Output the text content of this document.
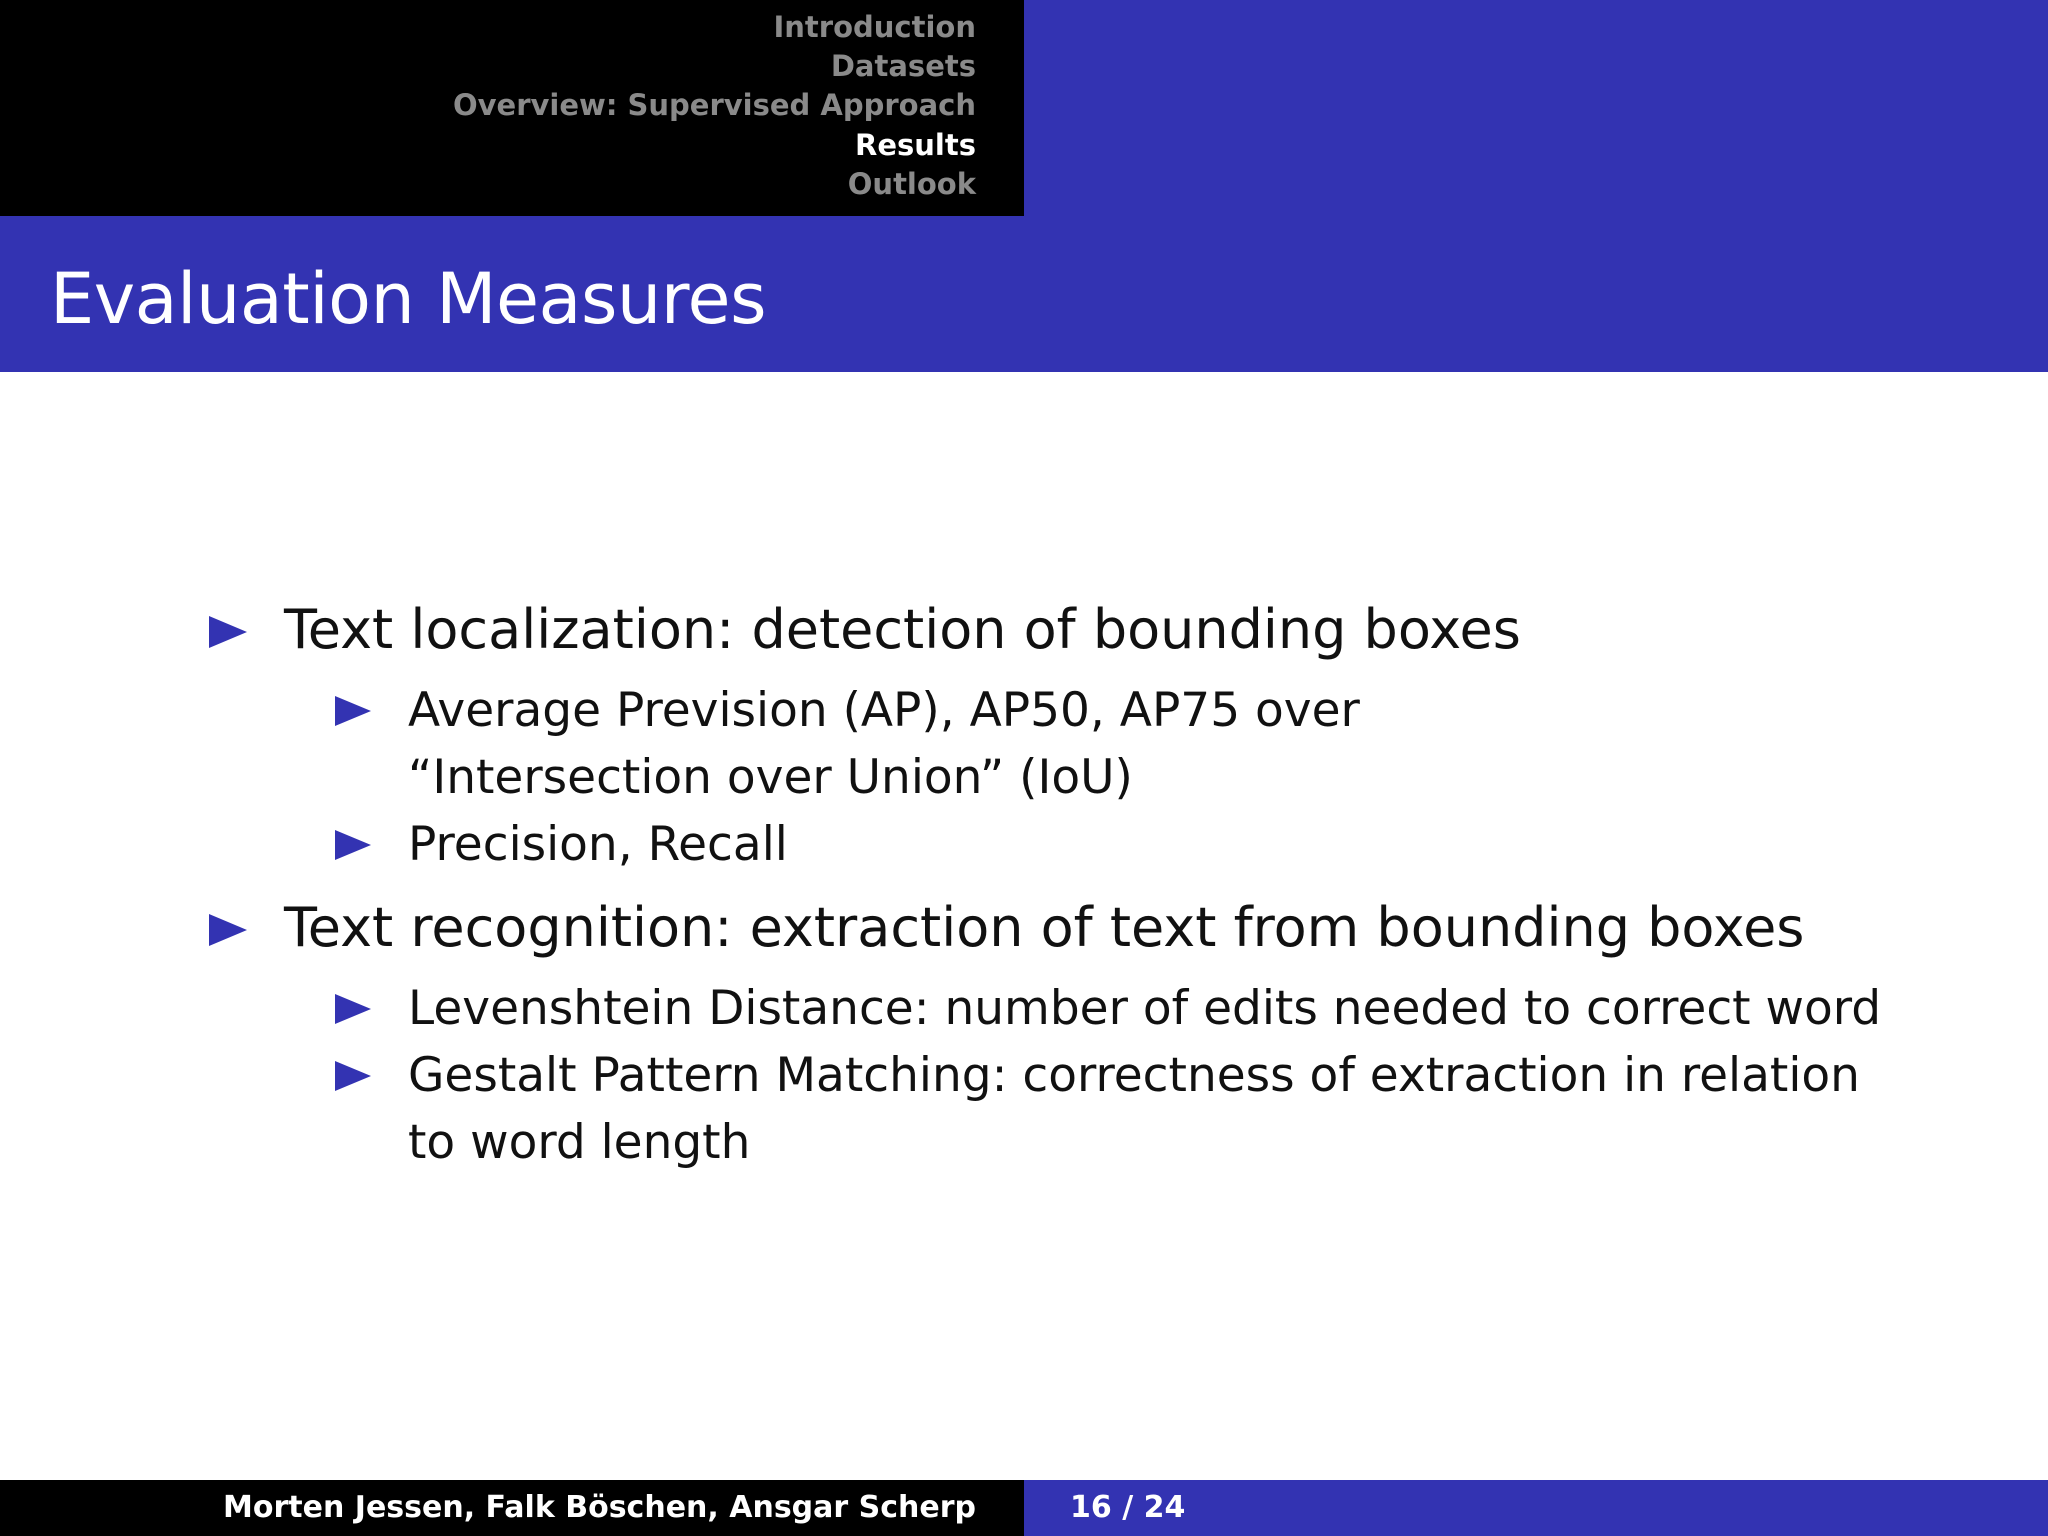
Introduction
Datasets
Overview: Supervised Approach
Results
Outlook
Evaluation Measures
Text localization: detection of bounding boxes
Average Prevision (AP), AP50, AP75 over
“Intersection over Union” (IoU)
Precision, Recall
Text recognition: extraction of text from bounding boxes
Levenshtein Distance: number of edits needed to correct word
Gestalt Pattern Matching: correctness of extraction in relation
to word length
Morten Jessen, Falk Böschen, Ansgar Scherp	16 / 24
